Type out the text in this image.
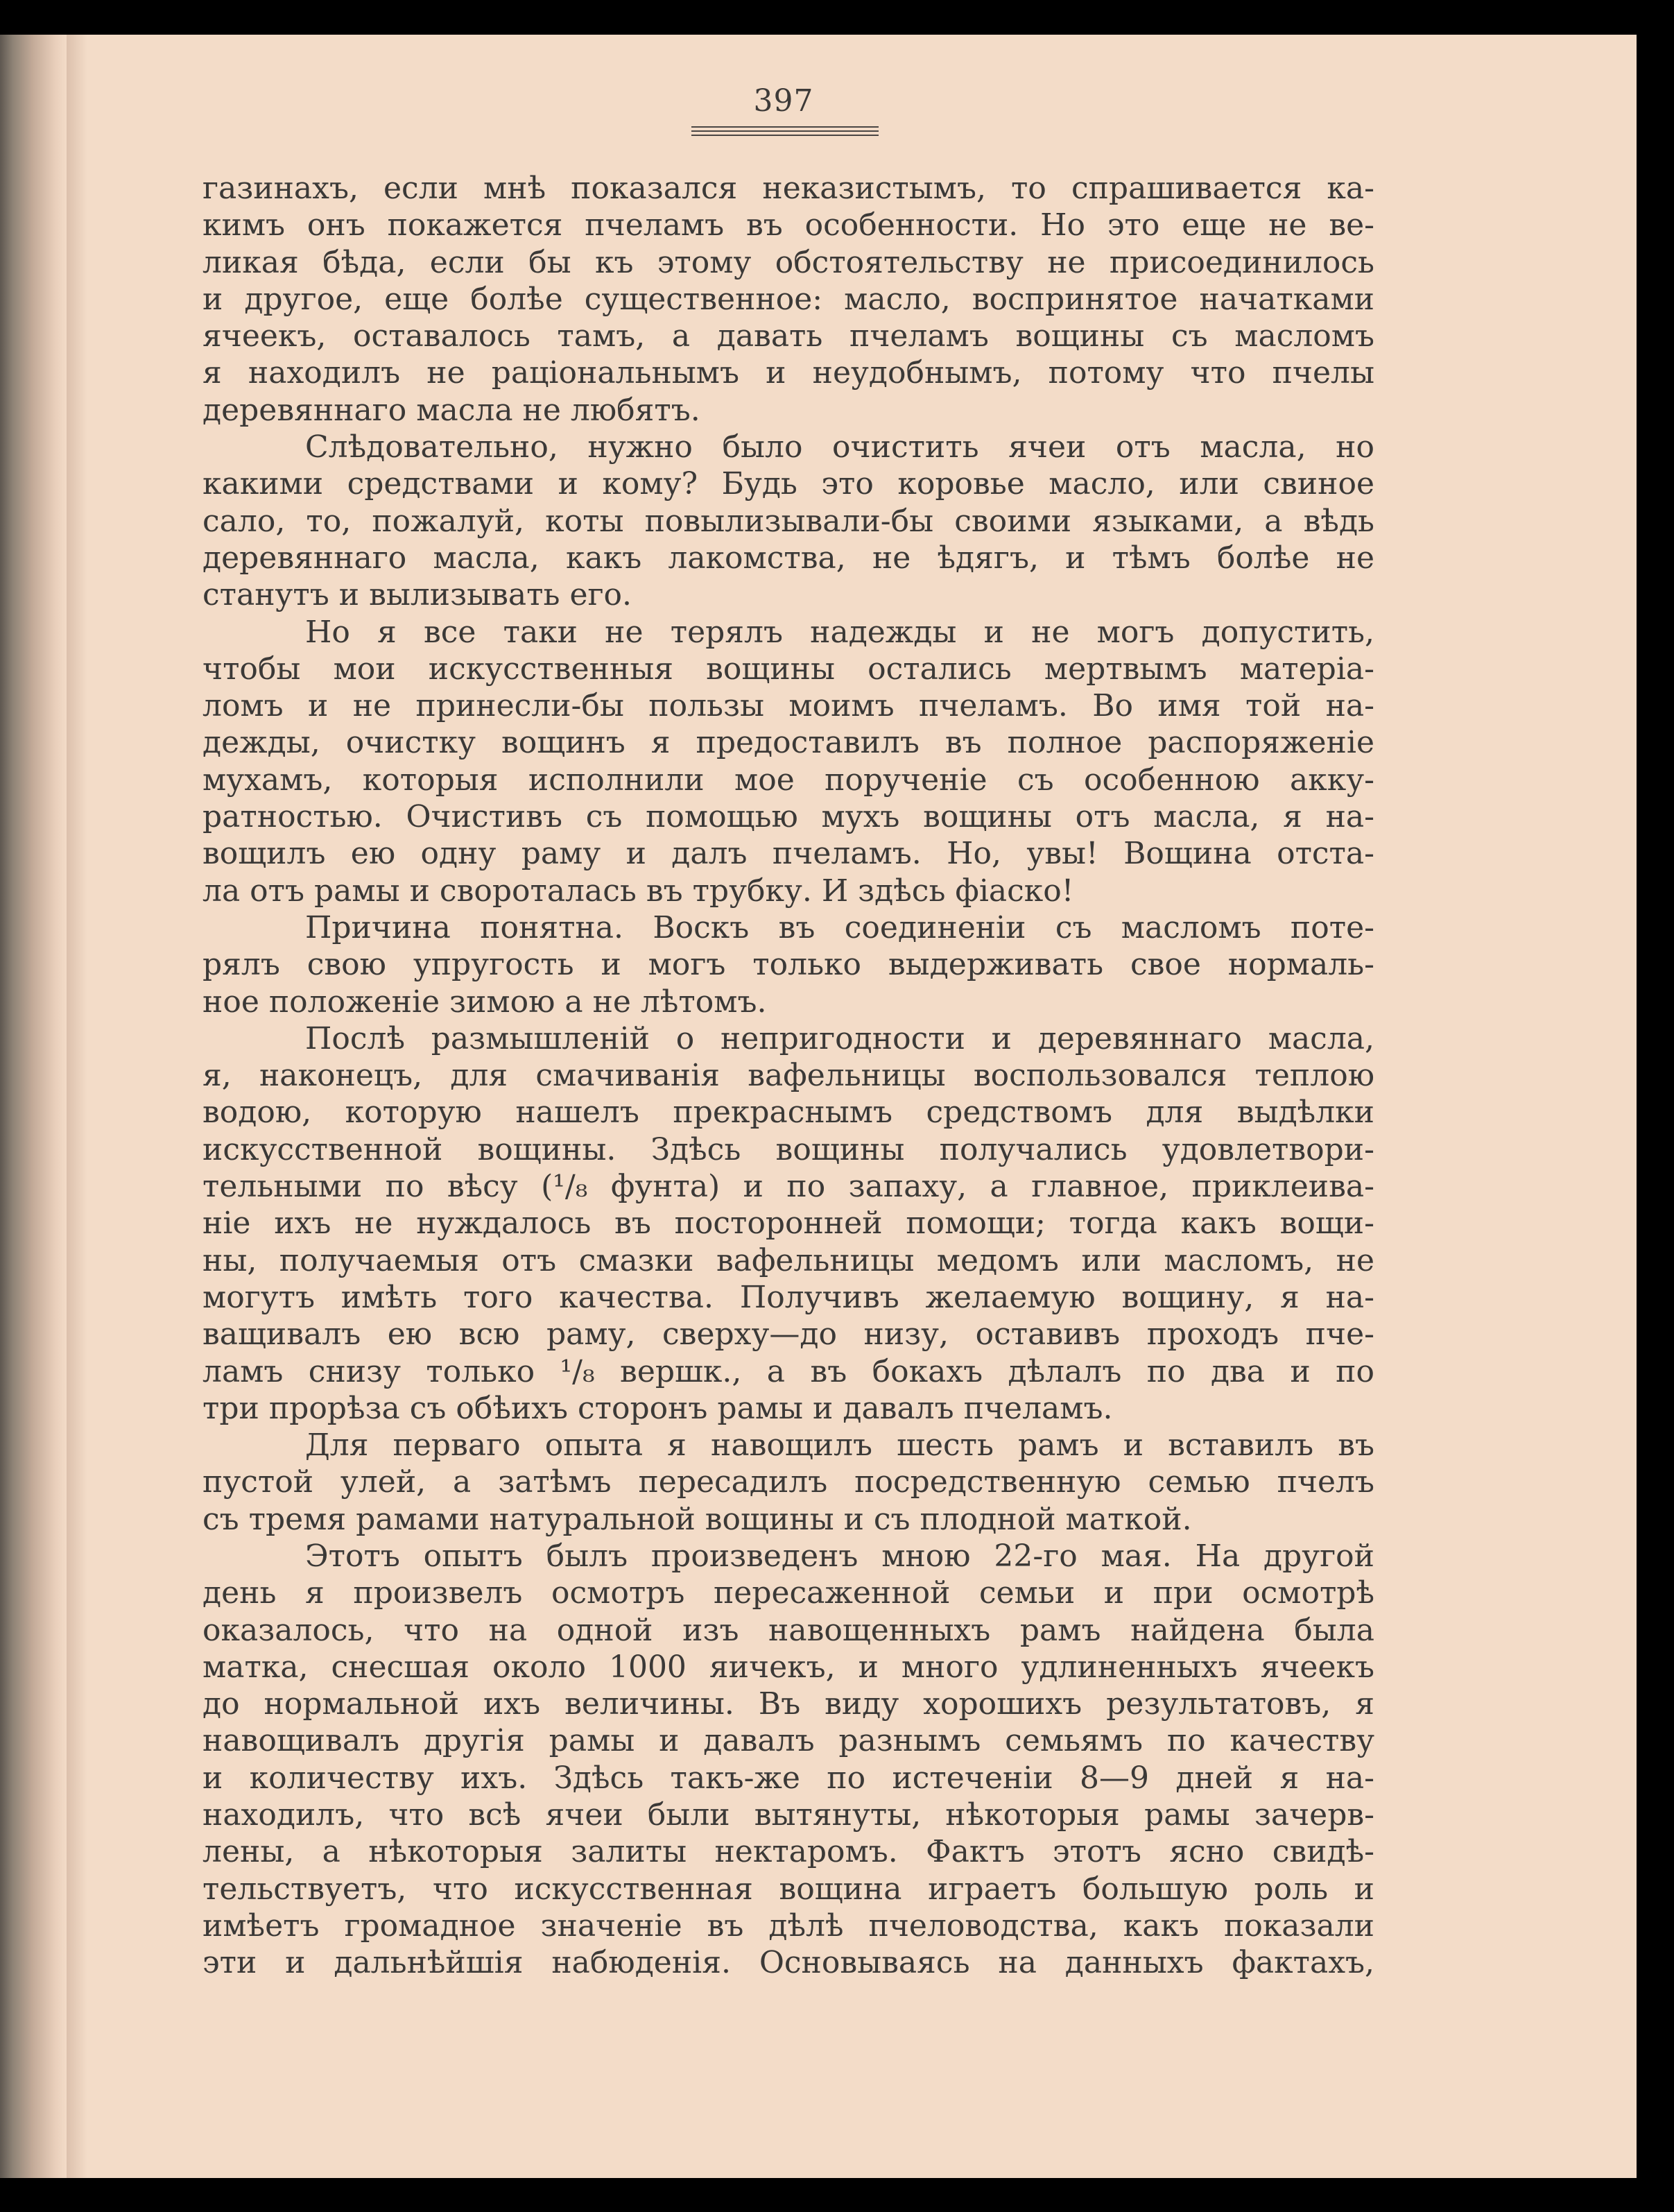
397
газинахъ, если мнѣ показался неказистымъ, то спрашивается ка-
кимъ онъ покажется пчеламъ въ особенности. Но это еще не ве-
ликая бѣда, если бы къ этому обстоятельству не присоединилось
и другое, еще болѣе существенное: масло, воспринятое начатками
ячеекъ, оставалось тамъ, а давать пчеламъ вощины съ масломъ
я находилъ не раціональнымъ и неудобнымъ, потому что пчелы
деревяннаго масла не любятъ.
Слѣдовательно, нужно было очистить ячеи отъ масла, но
какими средствами и кому? Будь это коровье масло, или свиное
сало, то, пожалуй, коты повылизывали-бы своими языками, а вѣдь
деревяннаго масла, какъ лакомства, не ѣдягъ, и тѣмъ болѣе не
станутъ и вылизывать его.
Но я все таки не терялъ надежды и не могъ допустить,
чтобы мои искусственныя вощины остались мертвымъ матеріа-
ломъ и не принесли-бы пользы моимъ пчеламъ. Во имя той на-
дежды, очистку вощинъ я предоставилъ въ полное распоряженіе
мухамъ, которыя исполнили мое порученіе съ особенною акку-
ратностью. Очистивъ съ помощью мухъ вощины отъ масла, я на-
вощилъ ею одну раму и далъ пчеламъ. Но, увы! Вощина отста-
ла отъ рамы и свороталась въ трубку. И здѣсь фіаско!
Причина понятна. Воскъ въ соединеніи съ масломъ поте-
рялъ свою упругость и могъ только выдерживать свое нормаль-
ное положеніе зимою а не лѣтомъ.
Послѣ размышленій о непригодности и деревяннаго масла,
я, наконецъ, для смачиванія вафельницы воспользовался теплою
водою, которую нашелъ прекраснымъ средствомъ для выдѣлки
искусственной вощины. Здѣсь вощины получались удовлетвори-
тельными по вѣсу (¹/₈ фунта) и по запаху, а главное, приклеива-
ніе ихъ не нуждалось въ посторонней помощи; тогда какъ вощи-
ны, получаемыя отъ смазки вафельницы медомъ или масломъ, не
могутъ имѣть того качества. Получивъ желаемую вощину, я на-
ващивалъ ею всю раму, сверху—до низу, оставивъ проходъ пче-
ламъ снизу только ¹/₈ вершк., а въ бокахъ дѣлалъ по два и по
три прорѣза съ обѣихъ сторонъ рамы и давалъ пчеламъ.
Для перваго опыта я навощилъ шесть рамъ и вставилъ въ
пустой улей, а затѣмъ пересадилъ посредственную семью пчелъ
съ тремя рамами натуральной вощины и съ плодной маткой.
Этотъ опытъ былъ произведенъ мною 22-го мая. На другой
день я произвелъ осмотръ пересаженной семьи и при осмотрѣ
оказалось, что на одной изъ навощенныхъ рамъ найдена была
матка, снесшая около 1000 яичекъ, и много удлиненныхъ ячеекъ
до нормальной ихъ величины. Въ виду хорошихъ результатовъ, я
навощивалъ другія рамы и давалъ разнымъ семьямъ по качеству
и количеству ихъ. Здѣсь такъ-же по истеченіи 8—9 дней я на-
находилъ, что всѣ ячеи были вытянуты, нѣкоторыя рамы зачерв-
лены, а нѣкоторыя залиты нектаромъ. Фактъ этотъ ясно свидѣ-
тельствуетъ, что искусственная вощина играетъ большую роль и
имѣетъ громадное значеніе въ дѣлѣ пчеловодства, какъ показали
эти и дальнѣйшія набюденія. Основываясь на данныхъ фактахъ,
